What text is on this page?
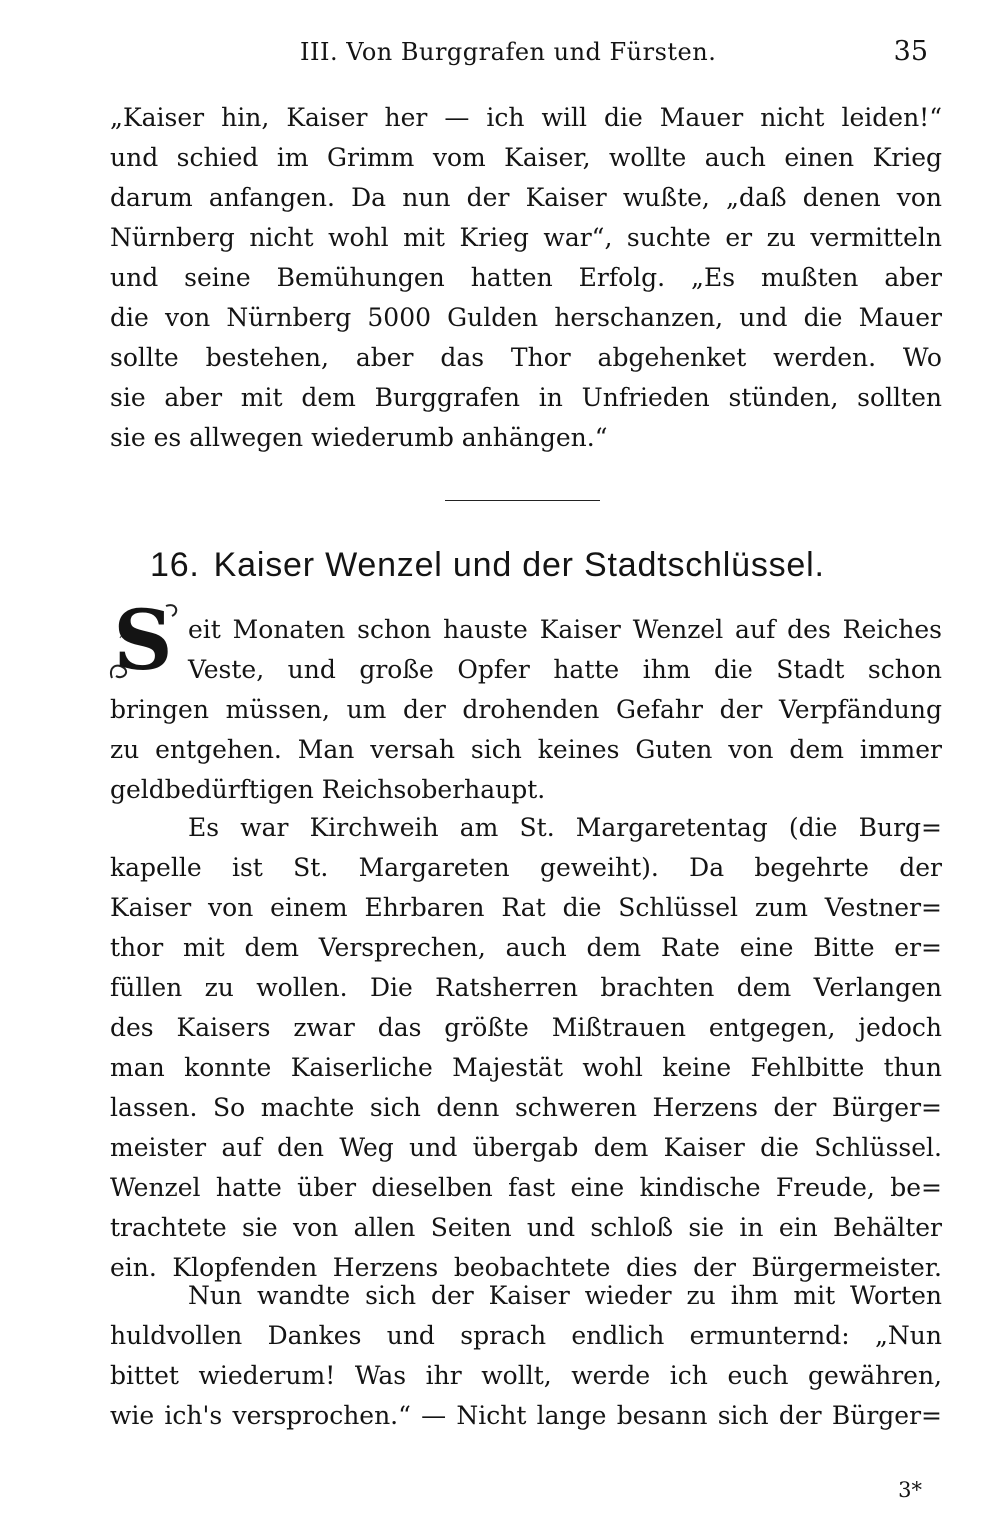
III. Von Burggrafen und Fürsten.	35
„Kaiser hin, Kaiser her — ich will die Mauer nicht leiden!“
und schied im Grimm vom Kaiser, wollte auch einen Krieg
darum anfangen. Da nun der Kaiser wußte, „daß denen von
Nürnberg nicht wohl mit Krieg war“, suchte er zu vermitteln
und seine Bemühungen hatten Erfolg. „Es mußten aber
die von Nürnberg 5000 Gulden herschanzen, und die Mauer
sollte bestehen, aber das Thor abgehenket werden. Wo
sie aber mit dem Burggrafen in Unfrieden stünden, sollten
sie es allwegen wiederumb anhängen.“
16. Kaiser Wenzel und der Stadtschlüssel.
S eit Monaten schon hauste Kaiser Wenzel auf des Reiches
Veste, und große Opfer hatte ihm die Stadt schon
bringen müssen, um der drohenden Gefahr der Verpfändung
zu entgehen. Man versah sich keines Guten von dem immer
geldbedürftigen Reichsoberhaupt.
Es war Kirchweih am St. Margaretentag (die Burg=
kapelle ist St. Margareten geweiht). Da begehrte der
Kaiser von einem Ehrbaren Rat die Schlüssel zum Vestner=
thor mit dem Versprechen, auch dem Rate eine Bitte er=
füllen zu wollen. Die Ratsherren brachten dem Verlangen
des Kaisers zwar das größte Mißtrauen entgegen, jedoch
man konnte Kaiserliche Majestät wohl keine Fehlbitte thun
lassen. So machte sich denn schweren Herzens der Bürger=
meister auf den Weg und übergab dem Kaiser die Schlüssel.
Wenzel hatte über dieselben fast eine kindische Freude, be=
trachtete sie von allen Seiten und schloß sie in ein Behälter
ein. Klopfenden Herzens beobachtete dies der Bürgermeister.
Nun wandte sich der Kaiser wieder zu ihm mit Worten
huldvollen Dankes und sprach endlich ermunternd: „Nun
bittet wiederum! Was ihr wollt, werde ich euch gewähren,
wie ich's versprochen.“ — Nicht lange besann sich der Bürger=
3*
